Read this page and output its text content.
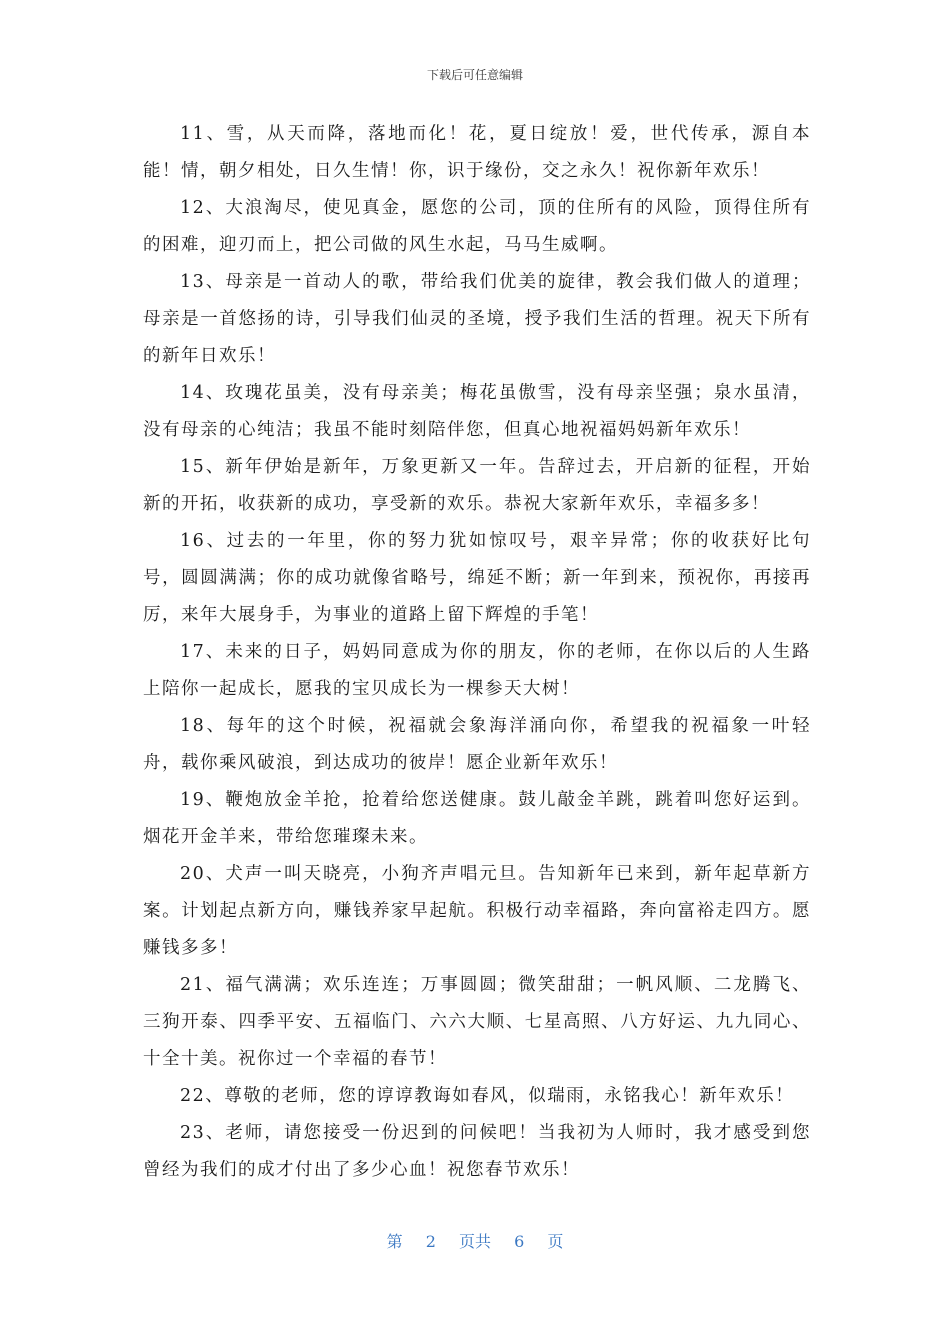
下载后可任意编辑

11、雪，从天而降，落地而化！花，夏日绽放！爱，世代传承，源自本能！情，朝夕相处，日久生情！你，识于缘份，交之永久！祝你新年欢乐！

12、大浪淘尽，使见真金，愿您的公司，顶的住所有的风险，顶得住所有的困难，迎刃而上，把公司做的风生水起，马马生威啊。

13、母亲是一首动人的歌，带给我们优美的旋律，教会我们做人的道理；母亲是一首悠扬的诗，引导我们仙灵的圣境，授予我们生活的哲理。祝天下所有的新年日欢乐！

14、玫瑰花虽美，没有母亲美；梅花虽傲雪，没有母亲坚强；泉水虽清，没有母亲的心纯洁；我虽不能时刻陪伴您，但真心地祝福妈妈新年欢乐！

15、新年伊始是新年，万象更新又一年。告辞过去，开启新的征程，开始新的开拓，收获新的成功，享受新的欢乐。恭祝大家新年欢乐，幸福多多！

16、过去的一年里，你的努力犹如惊叹号，艰辛异常；你的收获好比句号，圆圆满满；你的成功就像省略号，绵延不断；新一年到来，预祝你，再接再厉，来年大展身手，为事业的道路上留下辉煌的手笔！

17、未来的日子，妈妈同意成为你的朋友，你的老师，在你以后的人生路上陪你一起成长，愿我的宝贝成长为一棵参天大树！

18、每年的这个时候，祝福就会象海洋涌向你，希望我的祝福象一叶轻舟，载你乘风破浪，到达成功的彼岸！愿企业新年欢乐！

19、鞭炮放金羊抢，抢着给您送健康。鼓儿敲金羊跳，跳着叫您好运到。烟花开金羊来，带给您璀璨未来。

20、犬声一叫天晓亮，小狗齐声唱元旦。告知新年已来到，新年起草新方案。计划起点新方向，赚钱养家早起航。积极行动幸福路，奔向富裕走四方。愿赚钱多多！

21、福气满满；欢乐连连；万事圆圆；微笑甜甜；一帆风顺、二龙腾飞、三狗开泰、四季平安、五福临门、六六大顺、七星高照、八方好运、九九同心、十全十美。祝你过一个幸福的春节！

22、尊敬的老师，您的谆谆教诲如春风，似瑞雨，永铭我心！新年欢乐！

23、老师，请您接受一份迟到的问候吧！当我初为人师时，我才感受到您曾经为我们的成才付出了多少心血！祝您春节欢乐！

第 2 页共 6 页
